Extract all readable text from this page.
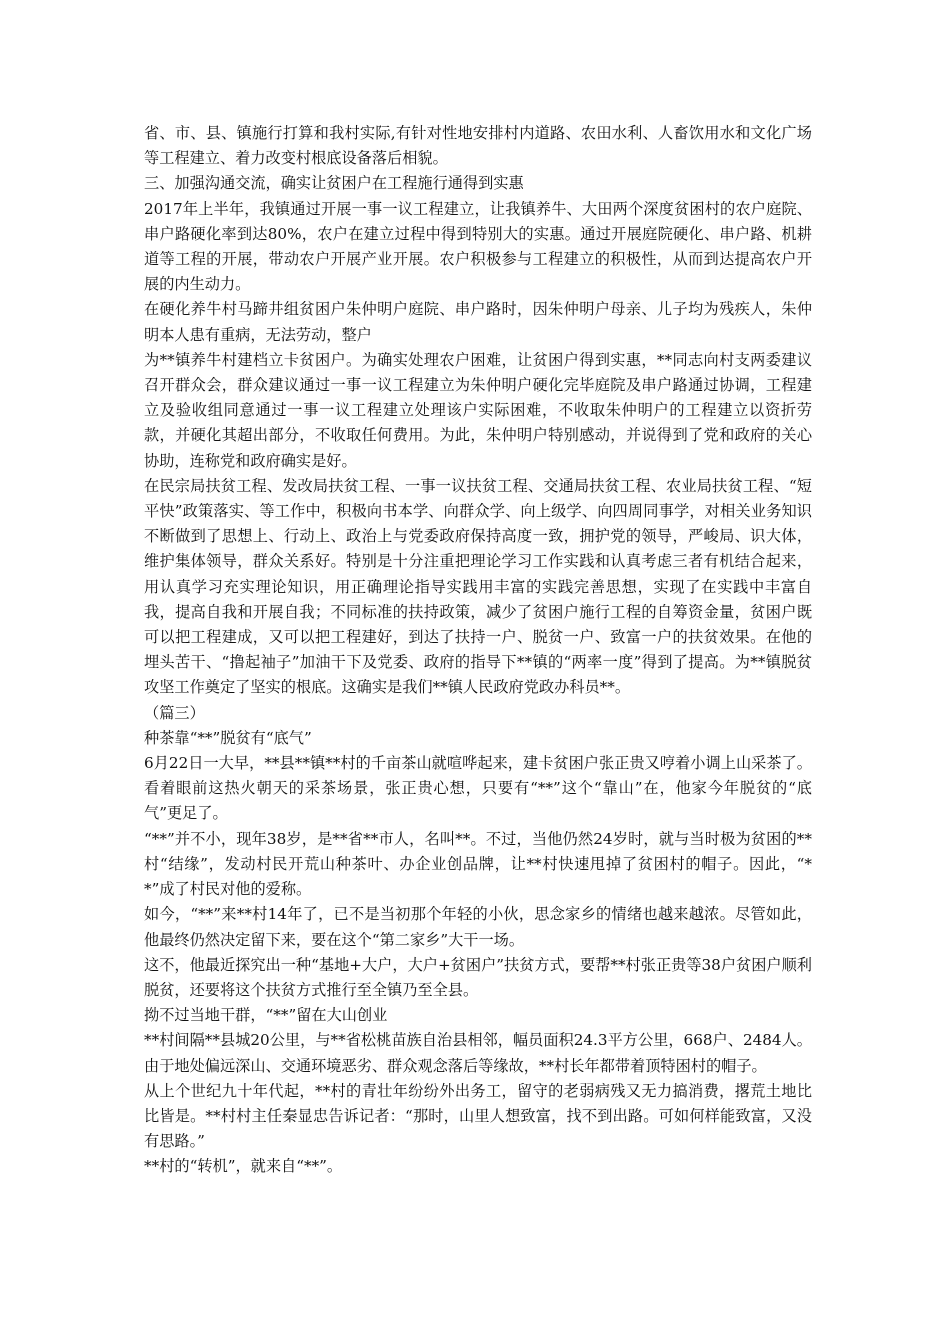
省、市、县、镇施行打算和我村实际,有针对性地安排村内道路、农田水利、人畜饮用水和文化广场等工程建立、着力改变村根底设备落后相貌。

三、加强沟通交流，确实让贫困户在工程施行通得到实惠

2017年上半年，我镇通过开展一事一议工程建立，让我镇养牛、大田两个深度贫困村的农户庭院、串户路硬化率到达80%，农户在建立过程中得到特别大的实惠。通过开展庭院硬化、串户路、机耕道等工程的开展，带动农户开展产业开展。农户积极参与工程建立的积极性，从而到达提高农户开展的内生动力。

在硬化养牛村马蹄井组贫困户朱仲明户庭院、串户路时，因朱仲明户母亲、儿子均为残疾人，朱仲明本人患有重病，无法劳动，整户

为**镇养牛村建档立卡贫困户。为确实处理农户困难，让贫困户得到实惠，**同志向村支两委建议召开群众会，群众建议通过一事一议工程建立为朱仲明户硬化完毕庭院及串户路通过协调，工程建立及验收组同意通过一事一议工程建立处理该户实际困难，不收取朱仲明户的工程建立以资折劳款，并硬化其超出部分，不收取任何费用。为此，朱仲明户特别感动，并说得到了党和政府的关心协助，连称党和政府确实是好。

在民宗局扶贫工程、发改局扶贫工程、一事一议扶贫工程、交通局扶贫工程、农业局扶贫工程、“短平快”政策落实、等工作中，积极向书本学、向群众学、向上级学、向四周同事学，对相关业务知识不断做到了思想上、行动上、政治上与党委政府保持高度一致，拥护党的领导，严峻局、识大体，维护集体领导，群众关系好。特别是十分注重把理论学习工作实践和认真考虑三者有机结合起来，用认真学习充实理论知识，用正确理论指导实践用丰富的实践完善思想，实现了在实践中丰富自我，提高自我和开展自我；不同标准的扶持政策，减少了贫困户施行工程的自筹资金量，贫困户既可以把工程建成，又可以把工程建好，到达了扶持一户、脱贫一户、致富一户的扶贫效果。在他的埋头苦干、“撸起袖子”加油干下及党委、政府的指导下**镇的“两率一度”得到了提高。为**镇脱贫攻坚工作奠定了坚实的根底。这确实是我们**镇人民政府党政办科员**。

（篇三）

种茶靠“**”脱贫有“底气”

6月22日一大早，**县**镇**村的千亩茶山就喧哗起来，建卡贫困户张正贵又哼着小调上山采茶了。看着眼前这热火朝天的采茶场景，张正贵心想，只要有“**”这个“靠山”在，他家今年脱贫的“底气”更足了。

“**”并不小，现年38岁，是**省**市人，名叫**。不过，当他仍然24岁时，就与当时极为贫困的**村“结缘”，发动村民开荒山种茶叶、办企业创品牌，让**村快速甩掉了贫困村的帽子。因此，“**”成了村民对他的爱称。

如今，“**”来**村14年了，已不是当初那个年轻的小伙，思念家乡的情绪也越来越浓。尽管如此，他最终仍然决定留下来，要在这个“第二家乡”大干一场。

这不，他最近探究出一种“基地+大户，大户+贫困户”扶贫方式，要帮**村张正贵等38户贫困户顺利脱贫，还要将这个扶贫方式推行至全镇乃至全县。

拗不过当地干群，“**”留在大山创业

**村间隔**县城20公里，与**省松桃苗族自治县相邻，幅员面积24.3平方公里，668户、2484人。由于地处偏远深山、交通环境恶劣、群众观念落后等缘故，**村长年都带着顶特困村的帽子。

从上个世纪九十年代起，**村的青壮年纷纷外出务工，留守的老弱病残又无力搞消费，撂荒土地比比皆是。**村村主任秦显忠告诉记者：“那时，山里人想致富，找不到出路。可如何样能致富，又没有思路。”

**村的“转机”，就来自“**”。
